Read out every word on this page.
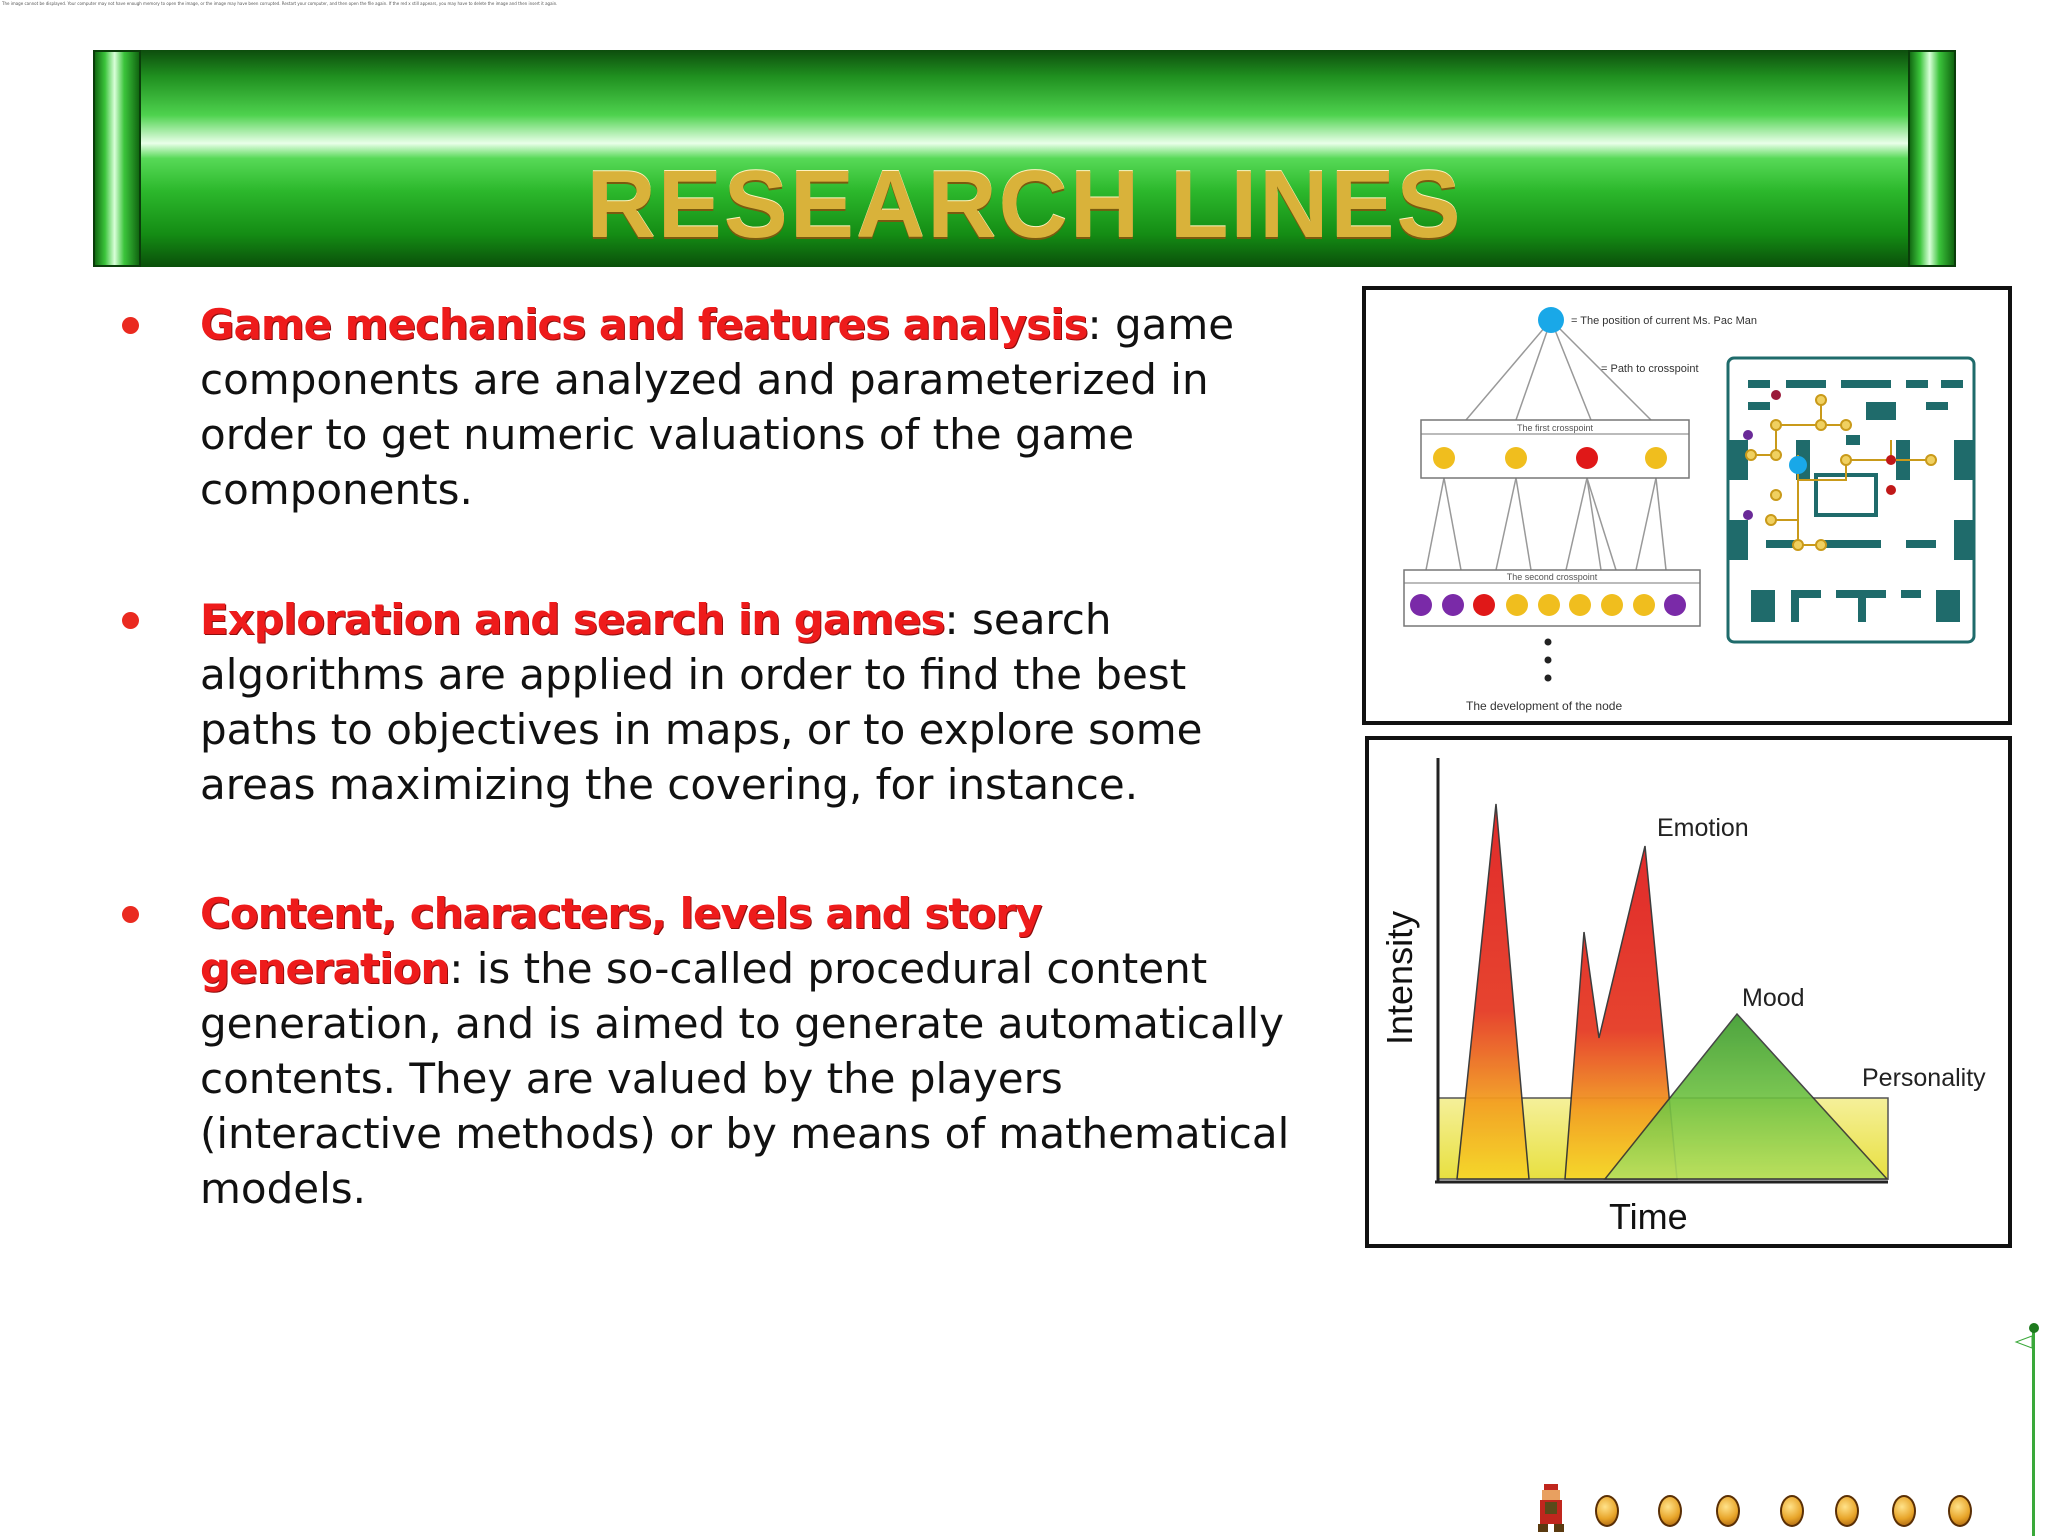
The image cannot be displayed. Your computer may not have enough memory to open the image, or the image may have been corrupted. Restart your computer, and then open the file again. If the red x still appears, you may have to delete the image and then insert it again.
RESEARCH LINES
Game mechanics and features analysis: game components are analyzed and parameterized in order to get numeric valuations of the game components.
Exploration and search in games: search algorithms are applied in order to find the best paths to objectives in maps, or to explore some areas maximizing the covering, for instance.
Content, characters, levels and story generation: is the so-called procedural content generation, and is aimed to generate automatically contents. They are valued by the players (interactive methods) or by means of mathematical models.
= The position of current Ms. Pac Man
= Path to crosspoint
The first crosspoint
The second crosspoint
The development of the node
Emotion
Mood
Personality
Time
Intensity
